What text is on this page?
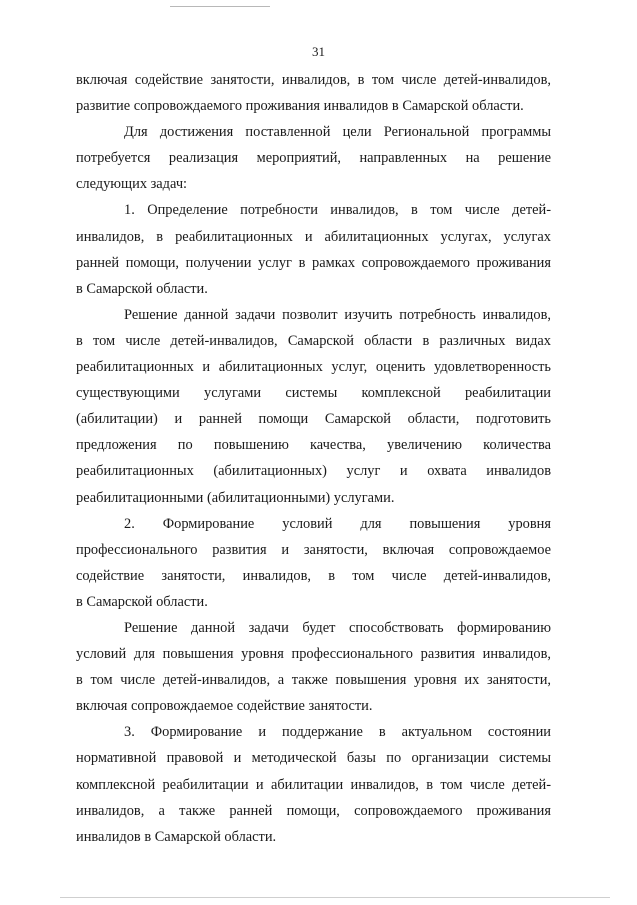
31

включая содействие занятости, инвалидов, в том числе детей-инвалидов,
развитие сопровождаемого проживания инвалидов в Самарской области.

Для достижения поставленной цели Региональной программы
потребуется реализация мероприятий, направленных на решение
следующих задач:

1. Определение потребности инвалидов, в том числе детей-
инвалидов, в реабилитационных и абилитационных услугах, услугах
ранней помощи, получении услуг в рамках сопровождаемого проживания
в Самарской области.

Решение данной задачи позволит изучить потребность инвалидов,
в том числе детей-инвалидов, Самарской области в различных видах
реабилитационных и абилитационных услуг, оценить удовлетворенность
существующими услугами системы комплексной реабилитации
(абилитации) и ранней помощи Самарской области, подготовить
предложения по повышению качества, увеличению количества
реабилитационных (абилитационных) услуг и охвата инвалидов
реабилитационными (абилитационными) услугами.

2. Формирование условий для повышения уровня
профессионального развития и занятости, включая сопровождаемое
содействие занятости, инвалидов, в том числе детей-инвалидов,
в Самарской области.

Решение данной задачи будет способствовать формированию
условий для повышения уровня профессионального развития инвалидов,
в том числе детей-инвалидов, а также повышения уровня их занятости,
включая сопровождаемое содействие занятости.

3. Формирование и поддержание в актуальном состоянии
нормативной правовой и методической базы по организации системы
комплексной реабилитации и абилитации инвалидов, в том числе детей-
инвалидов, а также ранней помощи, сопровождаемого проживания
инвалидов в Самарской области.
